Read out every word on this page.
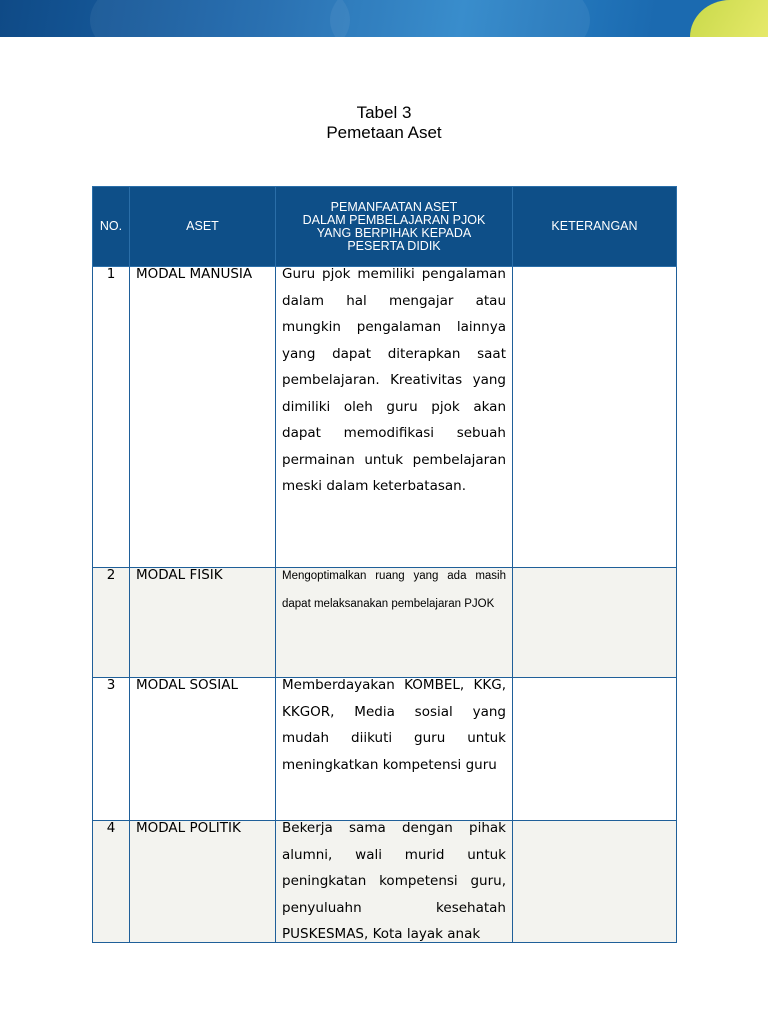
Tabel 3
Pemetaan Aset
NO.	ASET	PEMANFAATAN ASET
DALAM PEMBELAJARAN PJOK
YANG BERPIHAK KEPADA
PESERTA DIDIK	KETERANGAN
1	MODAL MANUSIA	Guru pjok memiliki pengalaman dalam hal mengajar atau mungkin pengalaman lainnya yang dapat diterapkan saat pembelajaran. Kreativitas yang dimiliki oleh guru pjok akan dapat memodifikasi sebuah permainan untuk pembelajaran meski dalam keterbatasan.	

2	MODAL FISIK	Mengoptimalkan ruang yang ada masih dapat melaksanakan pembelajaran PJOK	

3	MODAL SOSIAL	Memberdayakan KOMBEL, KKG, KKGOR, Media sosial yang mudah diikuti guru untuk meningkatkan kompetensi guru	

4	MODAL POLITIK	Bekerja sama dengan pihak alumni, wali murid untuk peningkatan kompetensi guru, penyuluahn kesehatah PUSKESMAS, Kota layak anak	
